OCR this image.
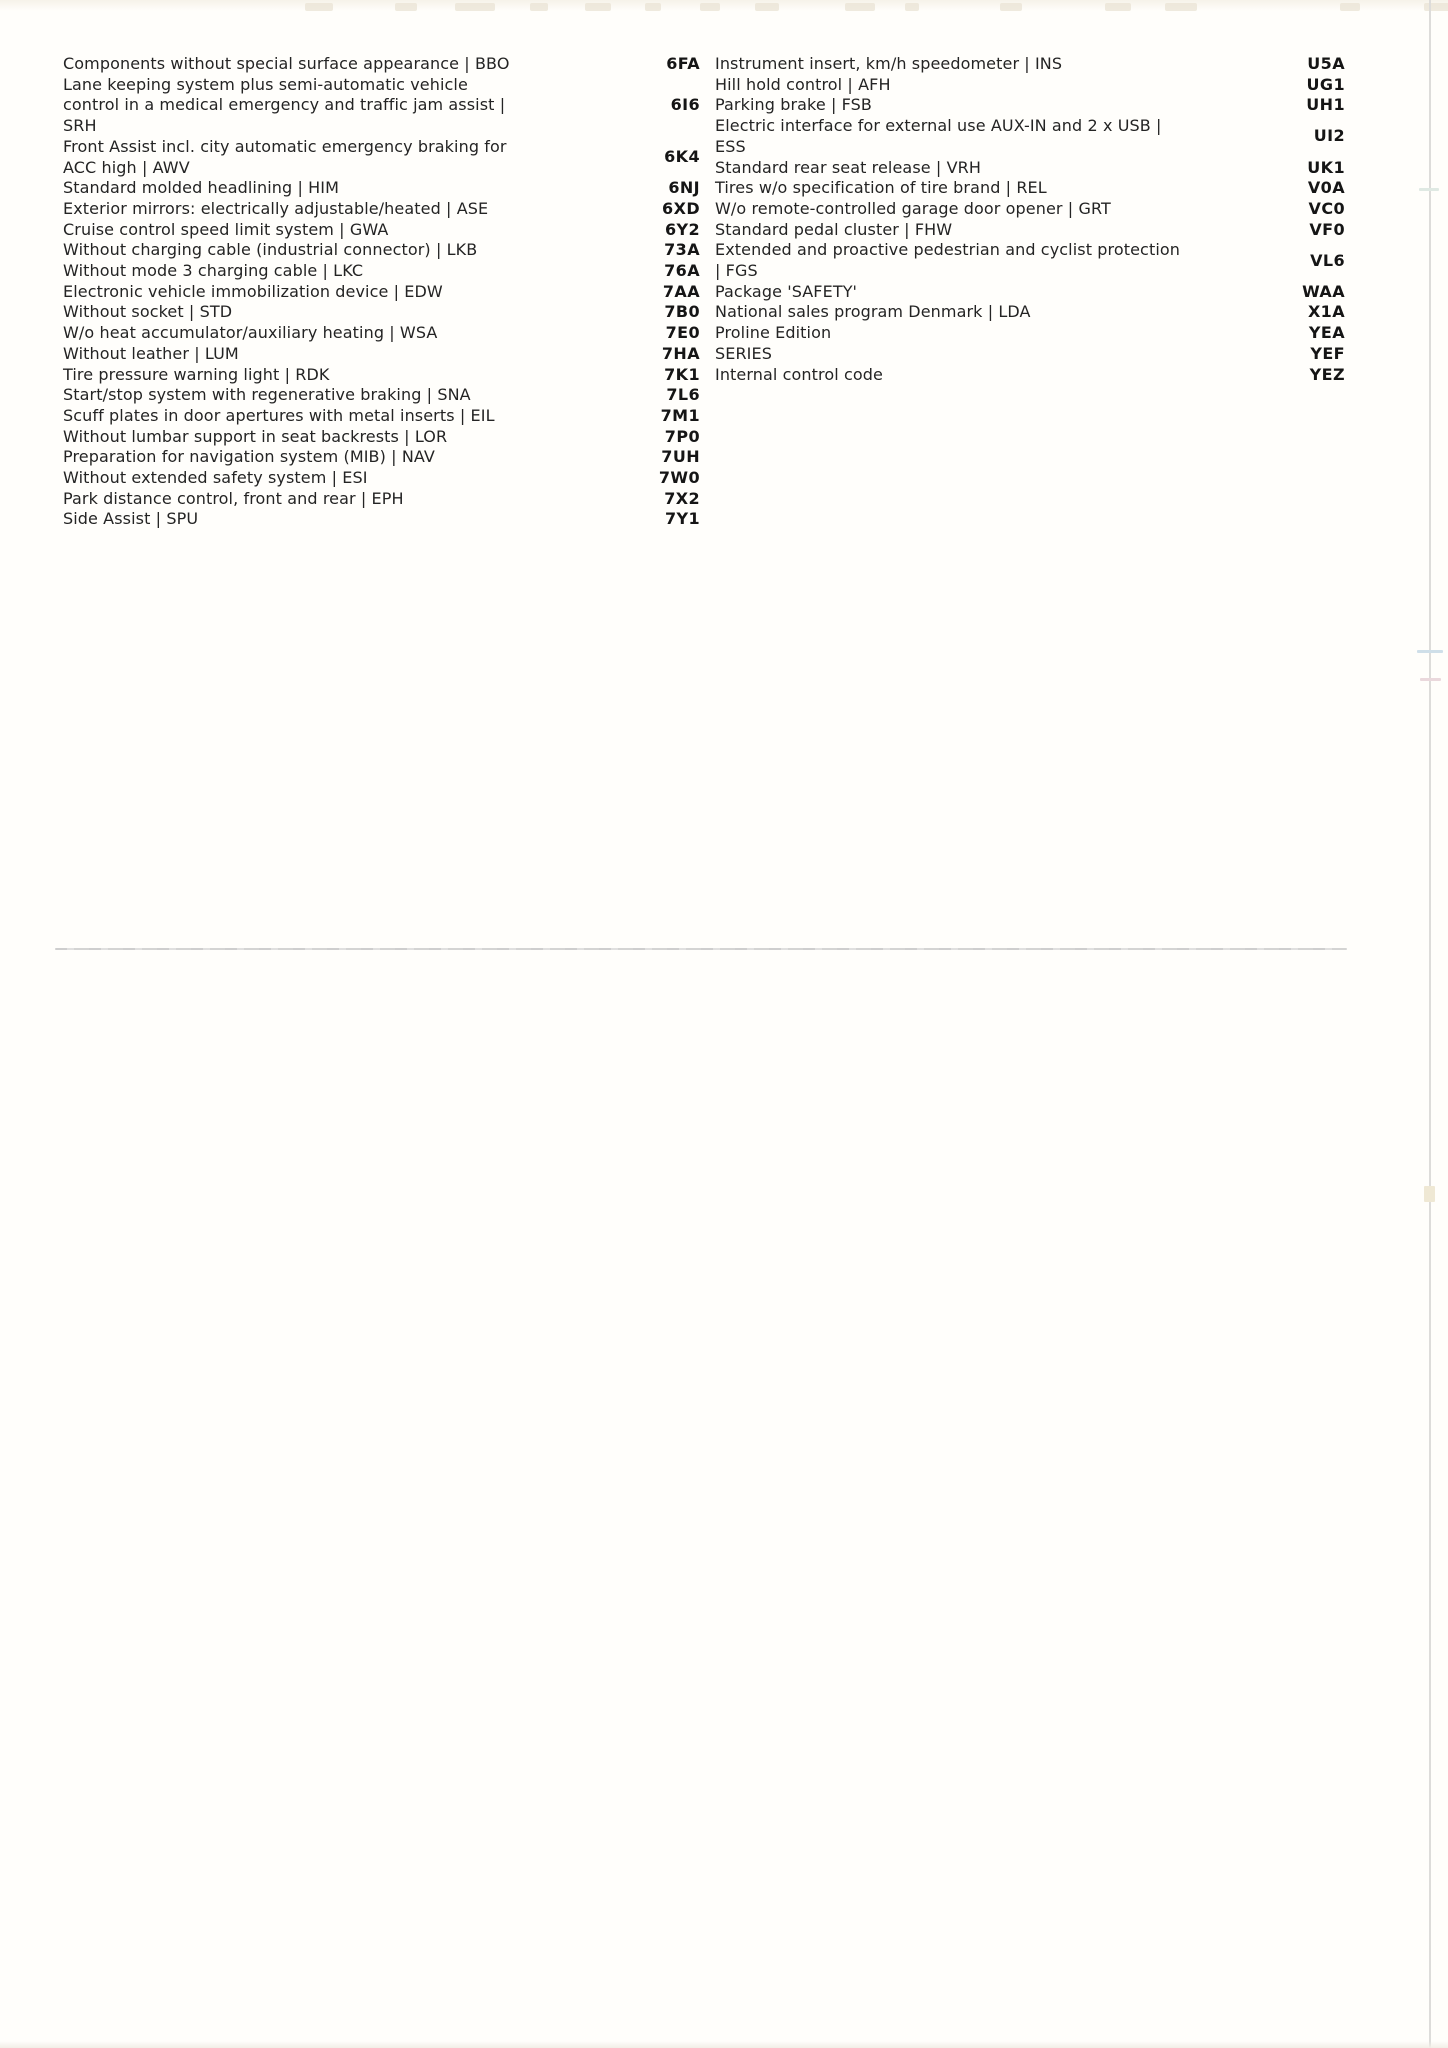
Components without special surface appearance | BBO	6FA
Lane keeping system plus semi-automatic vehicle control in a medical emergency and traffic jam assist | SRH
6I6
Front Assist incl. city automatic emergency braking for ACC high | AWV
6K4
Standard molded headlining | HIM	6NJ
Exterior mirrors: electrically adjustable/heated | ASE	6XD
Cruise control speed limit system | GWA	6Y2
Without charging cable (industrial connector) | LKB	73A
Without mode 3 charging cable | LKC	76A
Electronic vehicle immobilization device | EDW	7AA
Without socket | STD	7B0
W/o heat accumulator/auxiliary heating | WSA	7E0
Without leather | LUM	7HA
Tire pressure warning light | RDK	7K1
Start/stop system with regenerative braking | SNA	7L6
Scuff plates in door apertures with metal inserts | EIL	7M1
Without lumbar support in seat backrests | LOR	7P0
Preparation for navigation system (MIB) | NAV	7UH
Without extended safety system | ESI	7W0
Park distance control, front and rear | EPH	7X2
Side Assist | SPU	7Y1
Instrument insert, km/h speedometer | INS	U5A
Hill hold control | AFH	UG1
Parking brake | FSB	UH1
Electric interface for external use AUX-IN and 2 x USB | ESS
UI2
Standard rear seat release | VRH	UK1
Tires w/o specification of tire brand | REL	V0A
W/o remote-controlled garage door opener | GRT	VC0
Standard pedal cluster | FHW	VF0
Extended and proactive pedestrian and cyclist protection | FGS
VL6
Package 'SAFETY'	WAA
National sales program Denmark | LDA	X1A
Proline Edition	YEA
SERIES	YEF
Internal control code	YEZ
